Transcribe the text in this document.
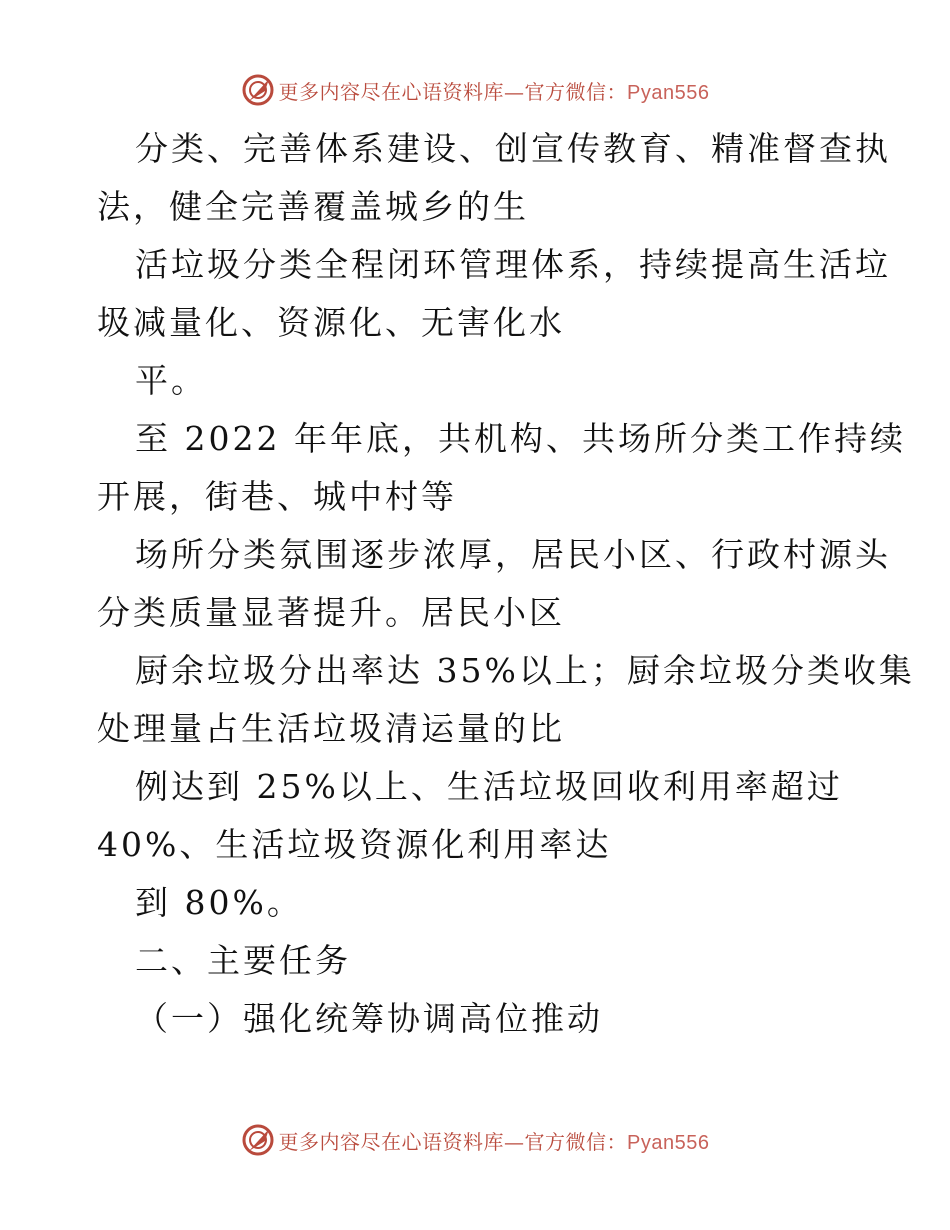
更多内容尽在心语资料库—官方微信：Pyan556
分类、完善体系建设、创宣传教育、精准督查执
法，健全完善覆盖城乡的生
活垃圾分类全程闭环管理体系，持续提高生活垃
圾减量化、资源化、无害化水
平。
至 2022 年年底，共机构、共场所分类工作持续
开展，街巷、城中村等
场所分类氛围逐步浓厚，居民小区、行政村源头
分类质量显著提升。居民小区
厨余垃圾分出率达 35%以上；厨余垃圾分类收集
处理量占生活垃圾清运量的比
例达到 25%以上、生活垃圾回收利用率超过
40%、生活垃圾资源化利用率达
到 80%。
二、主要任务
（一）强化统筹协调高位推动
更多内容尽在心语资料库—官方微信：Pyan556
